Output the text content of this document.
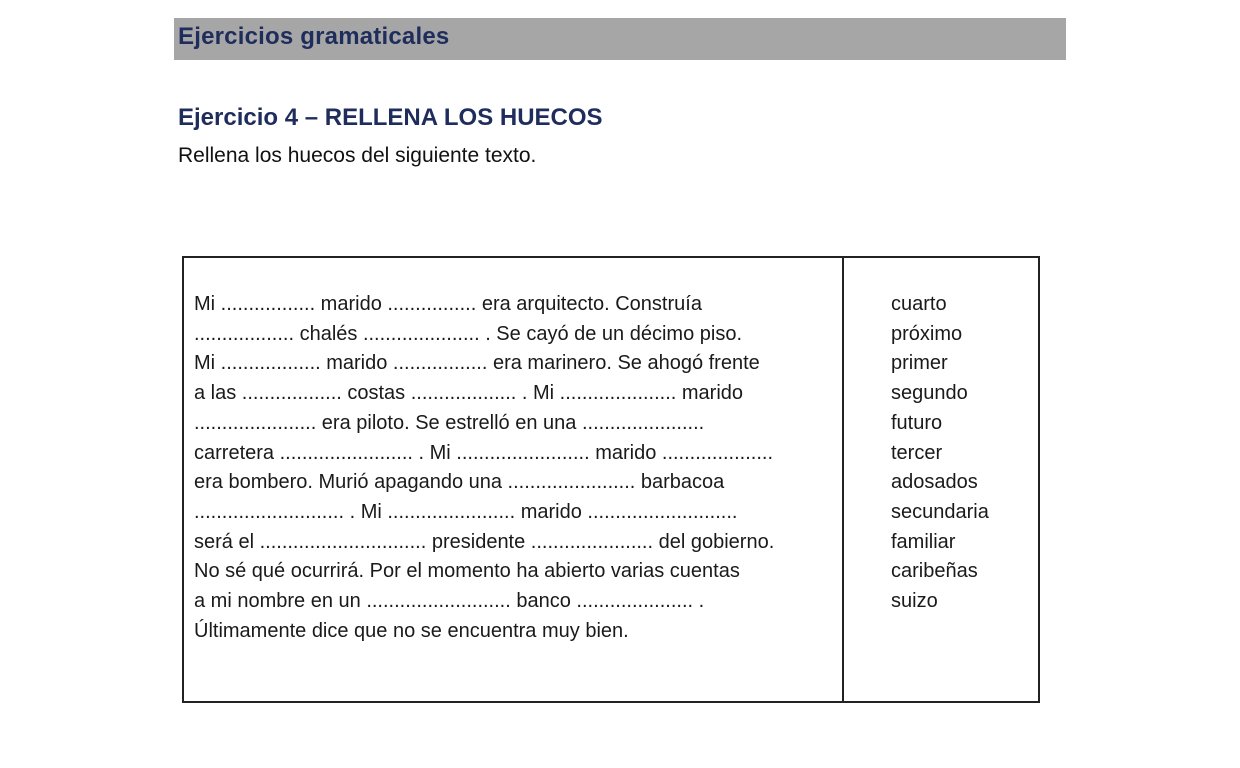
Ejercicios gramaticales
Ejercicio 4 – RELLENA LOS HUECOS
Rellena los huecos del siguiente texto.
Mi ................. marido ................ era arquitecto. Construía
.................. chalés ..................... . Se cayó de un décimo piso.
Mi .................. marido ................. era marinero. Se ahogó frente
a las .................. costas ................... . Mi ..................... marido
...................... era piloto. Se estrelló en una ......................
carretera ........................ . Mi ........................ marido ....................
era bombero. Murió apagando una ....................... barbacoa
........................... . Mi ....................... marido ...........................
será el .............................. presidente ...................... del gobierno.
No sé qué ocurrirá. Por el momento ha abierto varias cuentas
a mi nombre en un .......................... banco ..................... .
Últimamente dice que no se encuentra muy bien.
cuarto
próximo
primer
segundo
futuro
tercer
adosados
secundaria
familiar
caribeñas
suizo
